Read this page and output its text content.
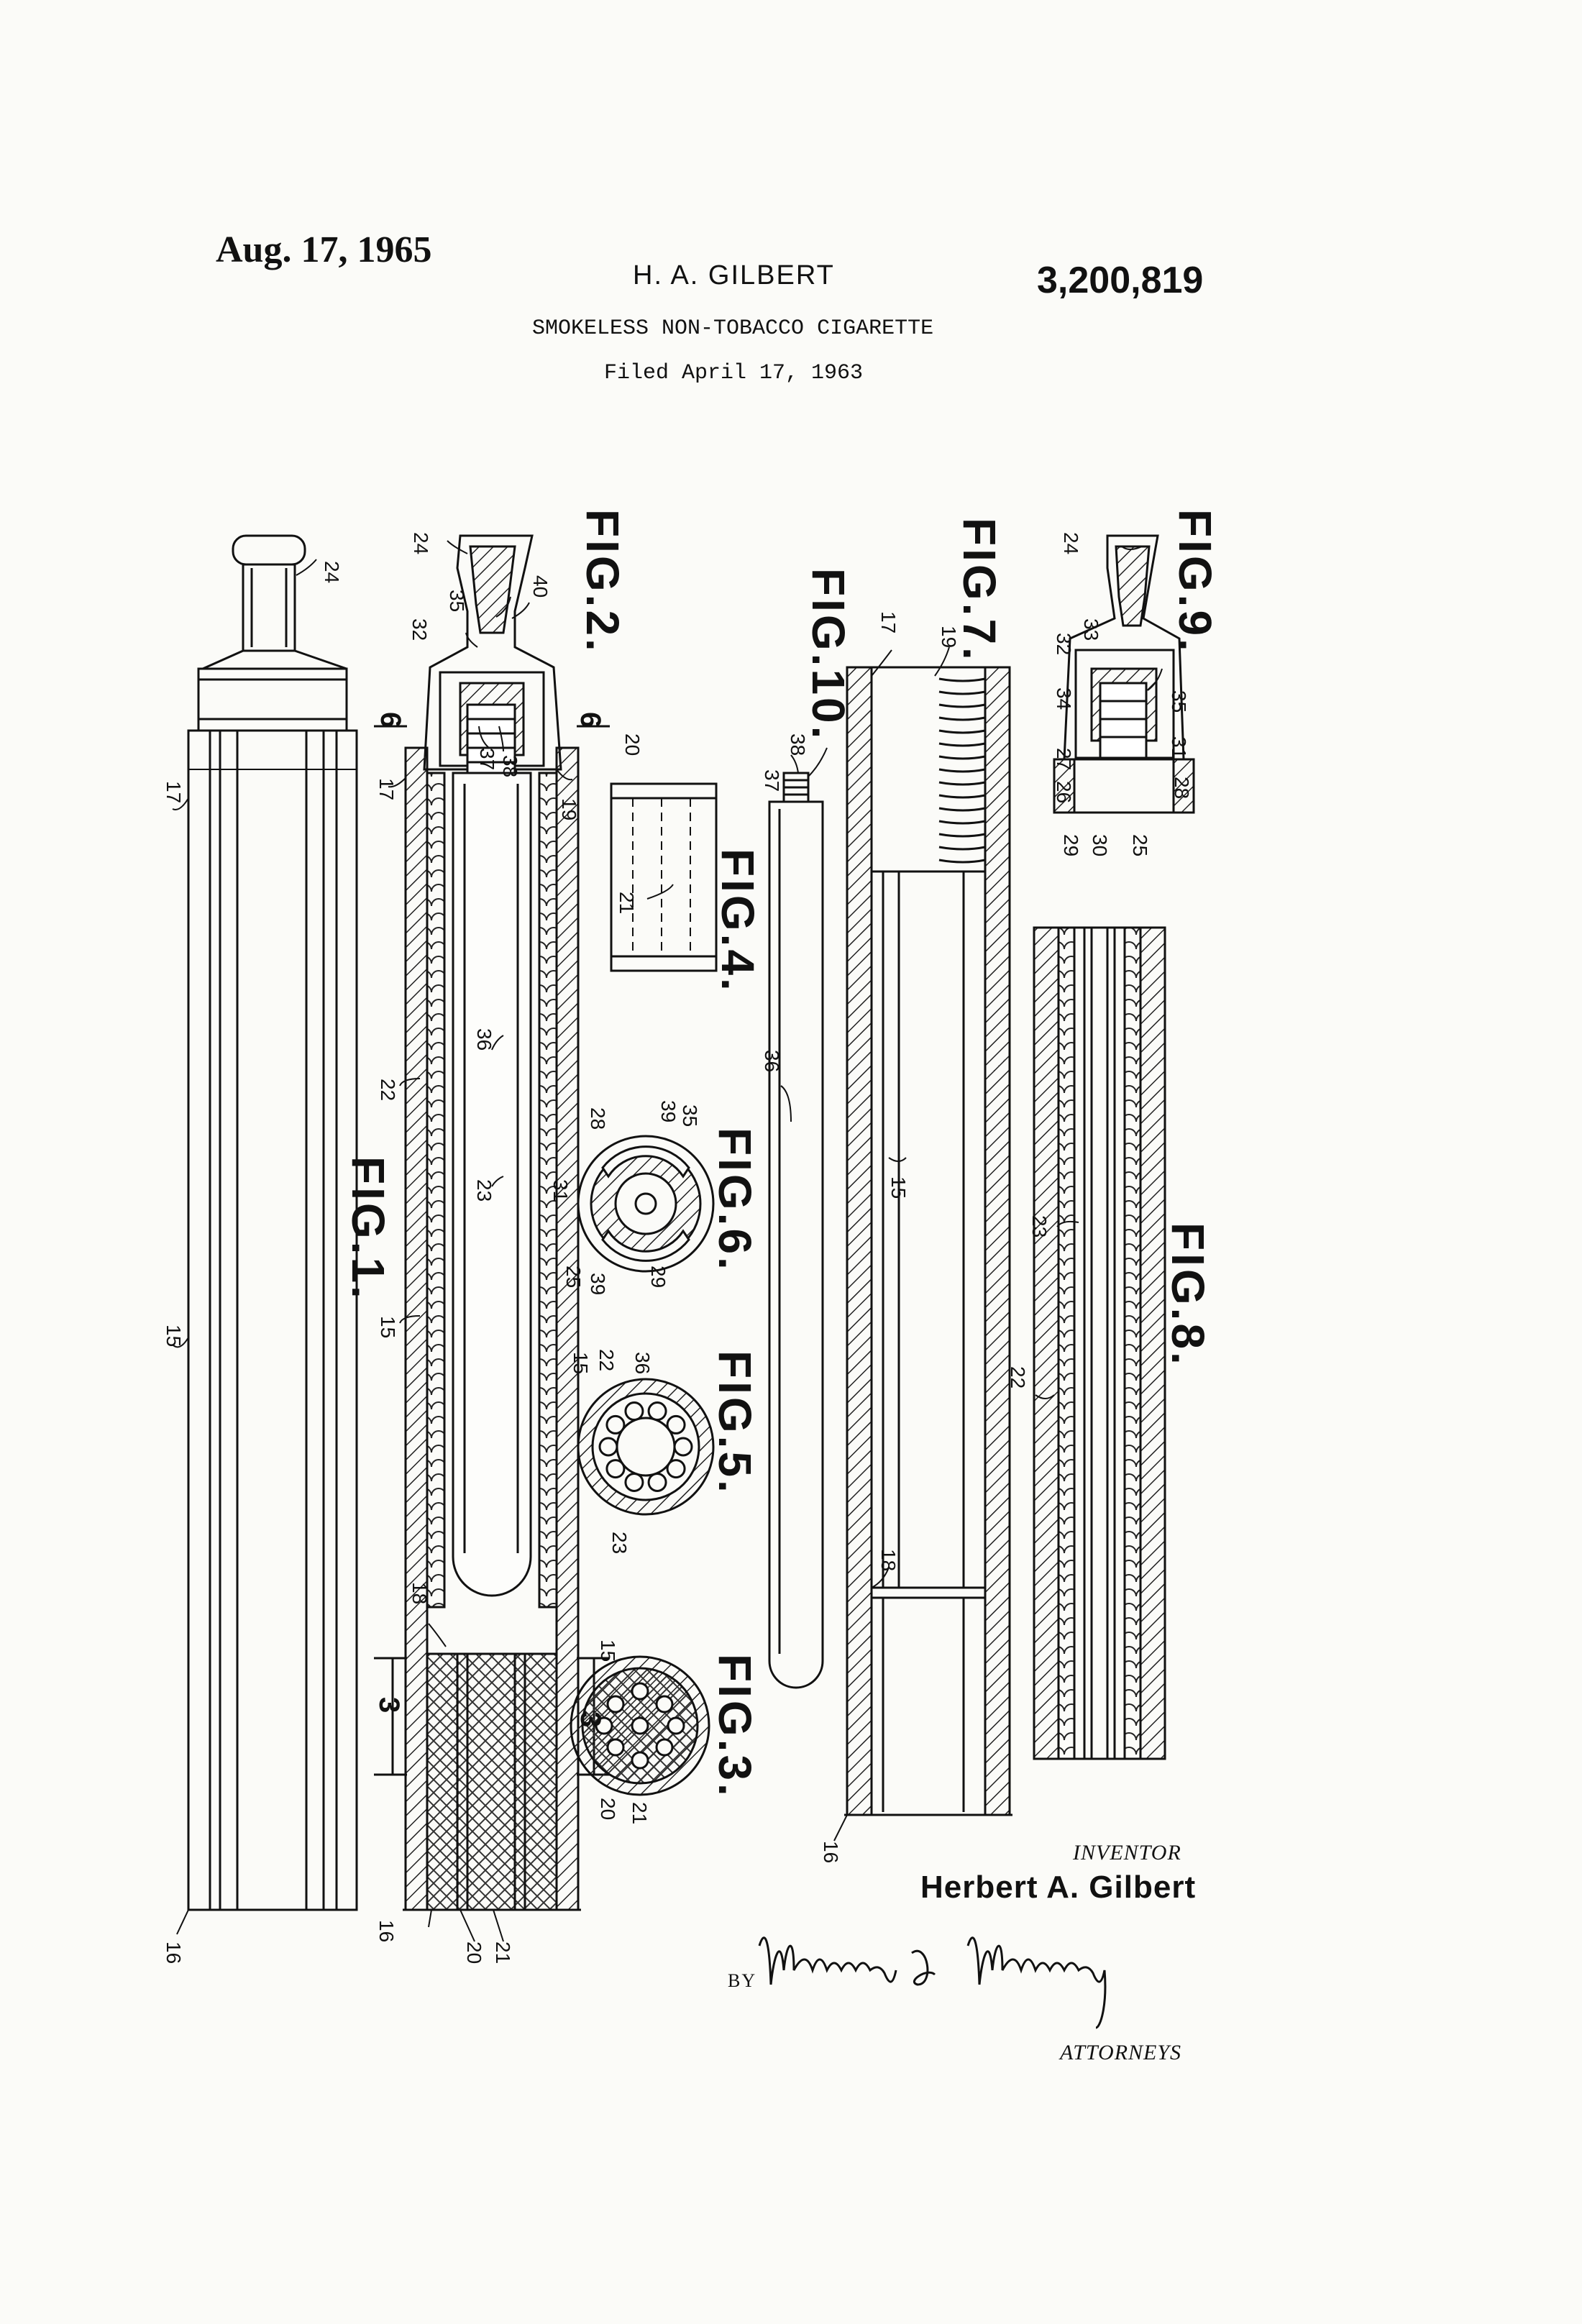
Aug. 17, 1965
H. A. GILBERT	3,200,819
SMOKELESS NON-TOBACCO CIGARETTE
Filed April 17, 1963
24
17
15
16
24
35
40
32
17
37 38
19
22
36
23
15
18
16
20 21
6	6
3
3
20
21
28 39 35
31
25 39 29
15 22 36
23
15
20 21
38
37
36
17
19
15
18
16
24
33
32
34	35
31
28
27
26
29 30 25
23
22
FIG.1.
FIG.2.
FIG.3.
FIG.4.
FIG.5.
FIG.6.
FIG.7.
FIG.8.
FIG.9.
FIG.10.
INVENTOR
Herbert A. Gilbert
BY
ATTORNEYS
